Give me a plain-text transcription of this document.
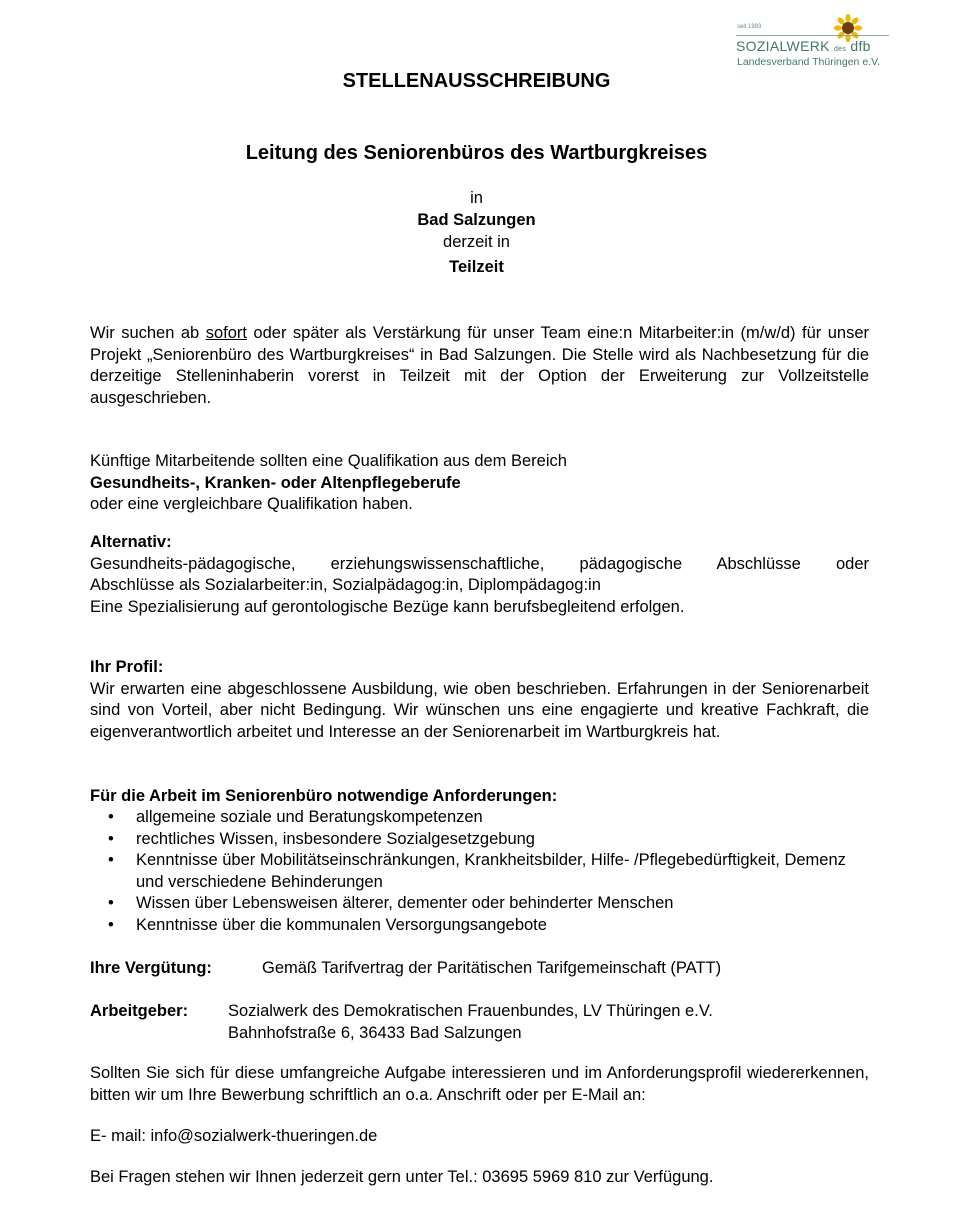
seit 1993
SOZIALWERK des dfb
Landesverband Thüringen e.V.
STELLENAUSSCHREIBUNG
Leitung des Seniorenbüros des Wartburgkreises
in
Bad Salzungen
derzeit in
Teilzeit
Wir suchen ab sofort oder später als Verstärkung für unser Team eine:n Mitarbeiter:in (m/w/d) für unser Projekt „Seniorenbüro des Wartburgkreises“ in Bad Salzungen. Die Stelle wird als Nachbesetzung für die derzeitige Stelleninhaberin vorerst in Teilzeit mit der Option der Erweiterung zur Vollzeitstelle ausgeschrieben.
Künftige Mitarbeitende sollten eine Qualifikation aus dem Bereich
Gesundheits-, Kranken- oder Altenpflegeberufe
oder eine vergleichbare Qualifikation haben.
Alternativ:
Gesundheits-pädagogische, erziehungswissenschaftliche, pädagogische Abschlüsse oder
Abschlüsse als Sozialarbeiter:in, Sozialpädagog:in, Diplompädagog:in
Eine Spezialisierung auf gerontologische Bezüge kann berufsbegleitend erfolgen.
Ihr Profil:
Wir erwarten eine abgeschlossene Ausbildung, wie oben beschrieben. Erfahrungen in der Seniorenarbeit sind von Vorteil, aber nicht Bedingung. Wir wünschen uns eine engagierte und kreative Fachkraft, die eigenverantwortlich arbeitet und Interesse an der Seniorenarbeit im Wartburgkreis hat.
Für die Arbeit im Seniorenbüro notwendige Anforderungen:
• allgemeine soziale und Beratungskompetenzen
• rechtliches Wissen, insbesondere Sozialgesetzgebung
• Kenntnisse über Mobilitätseinschränkungen, Krankheitsbilder, Hilfe- /Pflegebedürftigkeit, Demenz und verschiedene Behinderungen
• Wissen über Lebensweisen älterer, dementer oder behinderter Menschen
• Kenntnisse über die kommunalen Versorgungsangebote
Ihre Vergütung:	Gemäß Tarifvertrag der Paritätischen Tarifgemeinschaft (PATT)
Arbeitgeber: Sozialwerk des Demokratischen Frauenbundes, LV Thüringen e.V.
Bahnhofstraße 6, 36433 Bad Salzungen
Sollten Sie sich für diese umfangreiche Aufgabe interessieren und im Anforderungsprofil wiedererkennen, bitten wir um Ihre Bewerbung schriftlich an o.a. Anschrift oder per E-Mail an:
E- mail: info@sozialwerk-thueringen.de
Bei Fragen stehen wir Ihnen jederzeit gern unter Tel.: 03695 5969 810 zur Verfügung.
